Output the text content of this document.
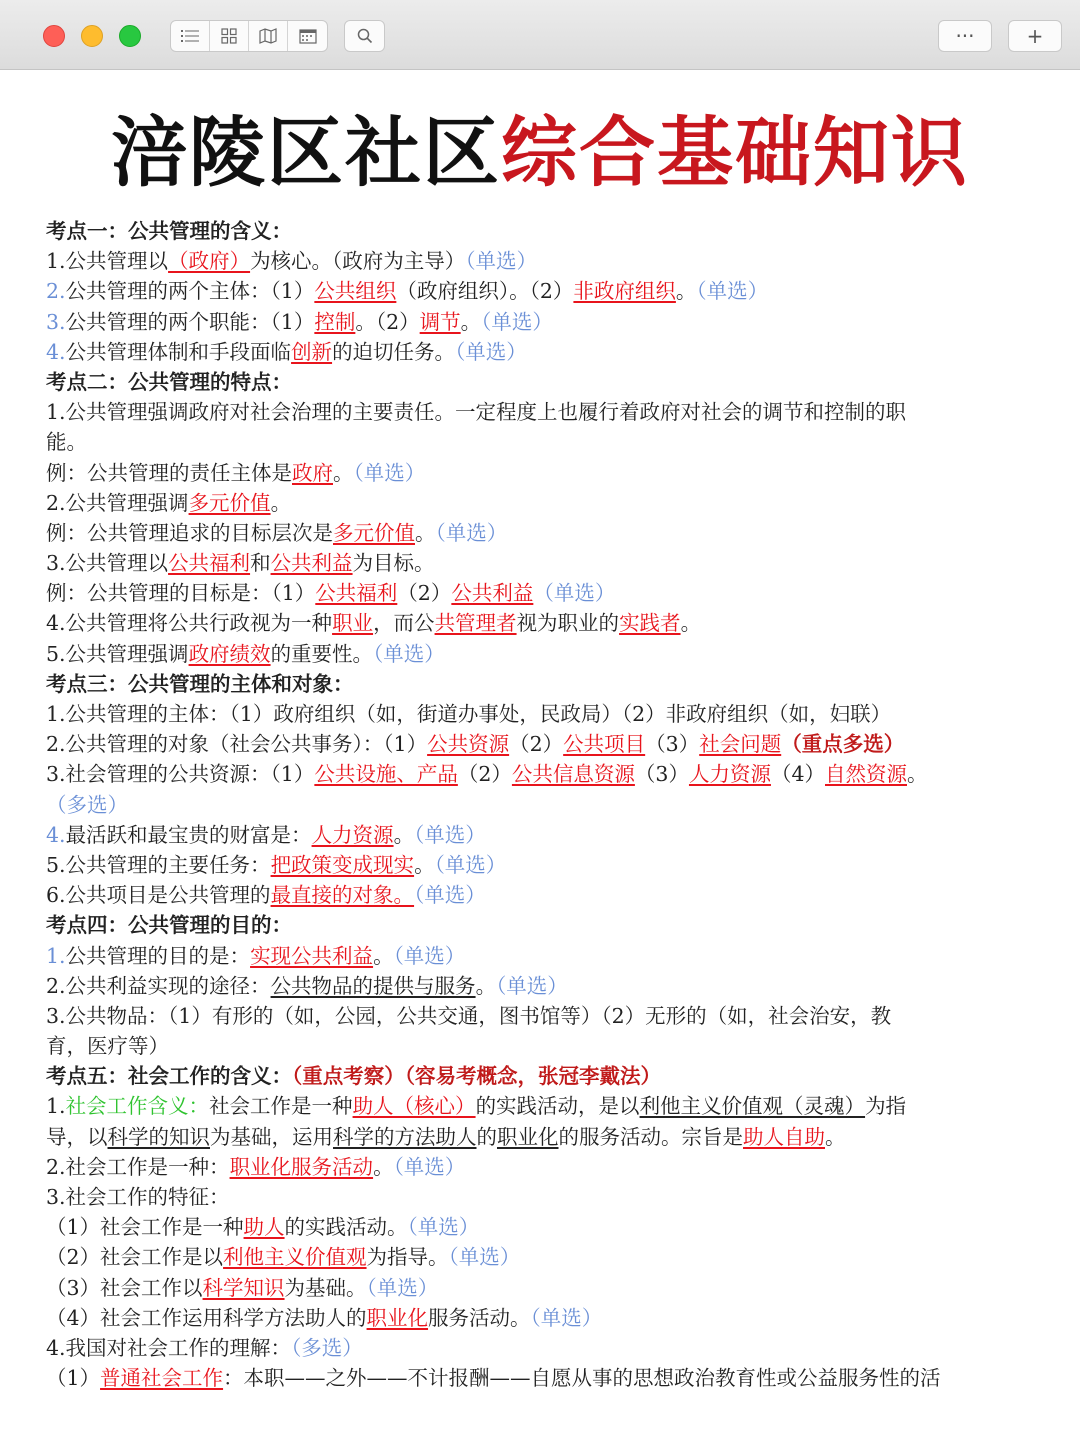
···	+
涪陵区社区综合基础知识
考点一：公共管理的含义：
1.公共管理以（政府）为核心。（政府为主导）（单选）
2.公共管理的两个主体：（1）公共组织（政府组织）。（2）非政府组织。（单选）
3.公共管理的两个职能：（1）控制。（2）调节。（单选）
4.公共管理体制和手段面临创新的迫切任务。（单选）
考点二：公共管理的特点：
1.公共管理强调政府对社会治理的主要责任。一定程度上也履行着政府对社会的调节和控制的职
能。
例：公共管理的责任主体是政府。（单选）
2.公共管理强调多元价值。
例：公共管理追求的目标层次是多元价值。（单选）
3.公共管理以公共福利和公共利益为目标。
例：公共管理的目标是：（1）公共福利（2）公共利益（单选）
4.公共管理将公共行政视为一种职业，而公共管理者视为职业的实践者。
5.公共管理强调政府绩效的重要性。（单选）
考点三：公共管理的主体和对象：
1.公共管理的主体：（1）政府组织（如，街道办事处，民政局）（2）非政府组织（如，妇联）
2.公共管理的对象（社会公共事务）：（1）公共资源（2）公共项目（3）社会问题（重点多选）
3.社会管理的公共资源：（1）公共设施、产品（2）公共信息资源（3）人力资源（4）自然资源。
（多选）
4.最活跃和最宝贵的财富是：人力资源。（单选）
5.公共管理的主要任务：把政策变成现实。（单选）
6.公共项目是公共管理的最直接的对象。（单选）
考点四：公共管理的目的：
1.公共管理的目的是：实现公共利益。（单选）
2.公共利益实现的途径：公共物品的提供与服务。（单选）
3.公共物品：（1）有形的（如，公园，公共交通，图书馆等）（2）无形的（如，社会治安，教
育，医疗等）
考点五：社会工作的含义：（重点考察）（容易考概念，张冠李戴法）
1.社会工作含义：社会工作是一种助人（核心）的实践活动，是以利他主义价值观（灵魂）为指
导，以科学的知识为基础，运用科学的方法助人的职业化的服务活动。宗旨是助人自助。
2.社会工作是一种：职业化服务活动。（单选）
3.社会工作的特征：
（1）社会工作是一种助人的实践活动。（单选）
（2）社会工作是以利他主义价值观为指导。（单选）
（3）社会工作以科学知识为基础。（单选）
（4）社会工作运用科学方法助人的职业化服务活动。（单选）
4.我国对社会工作的理解：（多选）
（1）普通社会工作：本职——之外——不计报酬——自愿从事的思想政治教育性或公益服务性的活
